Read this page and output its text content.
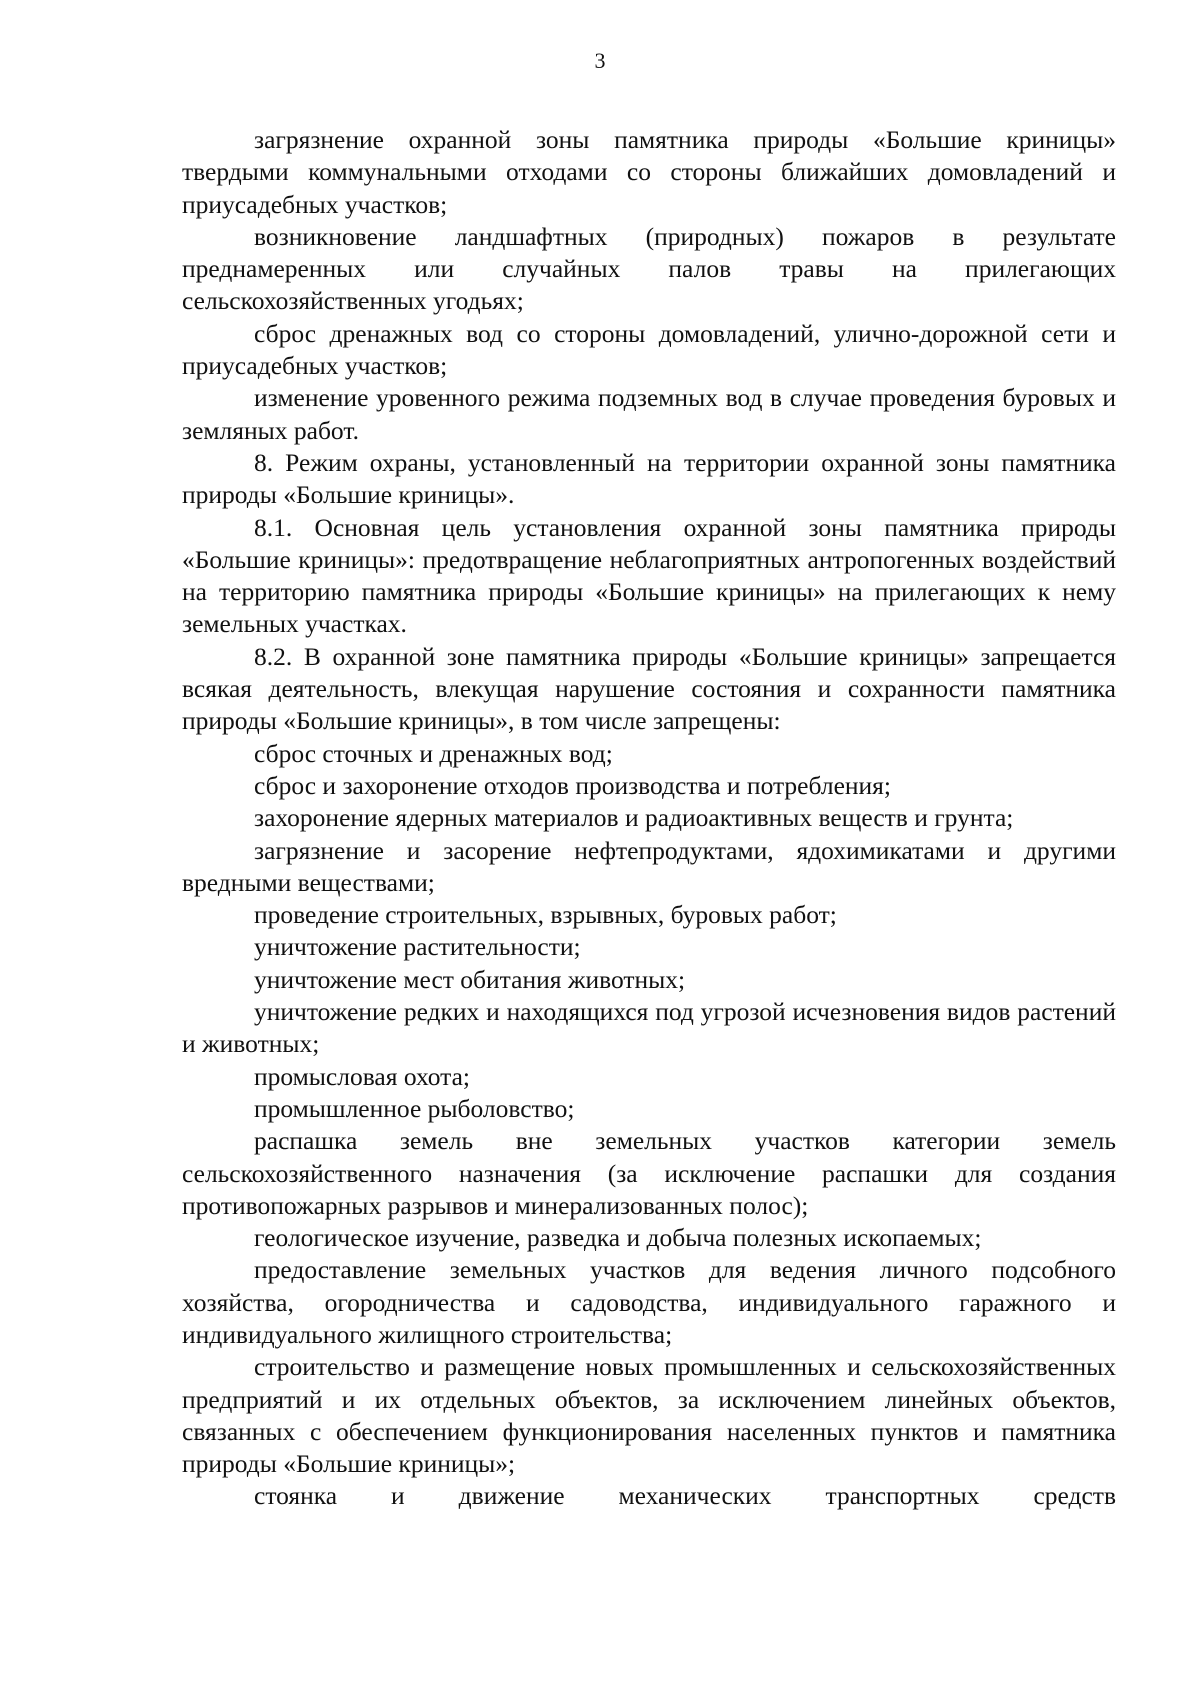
3

загрязнение охранной зоны памятника природы «Большие криницы» твердыми коммунальными отходами со стороны ближайших домовладений и приусадебных участков;

возникновение ландшафтных (природных) пожаров в результате преднамеренных или случайных палов травы на прилегающих сельскохозяйственных угодьях;

сброс дренажных вод со стороны домовладений, улично-дорожной сети и приусадебных участков;

изменение уровенного режима подземных вод в случае проведения буровых и земляных работ.

8. Режим охраны, установленный на территории охранной зоны памятника природы «Большие криницы».

8.1. Основная цель установления охранной зоны памятника природы «Большие криницы»: предотвращение неблагоприятных антропогенных воздействий на территорию памятника природы «Большие криницы» на прилегающих к нему земельных участках.

8.2. В охранной зоне памятника природы «Большие криницы» запрещается всякая деятельность, влекущая нарушение состояния и сохранности памятника природы «Большие криницы», в том числе запрещены:

сброс сточных и дренажных вод;

сброс и захоронение отходов производства и потребления;

захоронение ядерных материалов и радиоактивных веществ и грунта;

загрязнение и засорение нефтепродуктами, ядохимикатами и другими вредными веществами;

проведение строительных, взрывных, буровых работ;

уничтожение растительности;

уничтожение мест обитания животных;

уничтожение редких и находящихся под угрозой исчезновения видов растений и животных;

промысловая охота;

промышленное рыболовство;

распашка земель вне земельных участков категории земель сельскохозяйственного назначения (за исключение распашки для создания противопожарных разрывов и минерализованных полос);

геологическое изучение, разведка и добыча полезных ископаемых;

предоставление земельных участков для ведения личного подсобного хозяйства, огородничества и садоводства, индивидуального гаражного и индивидуального жилищного строительства;

строительство и размещение новых промышленных и сельскохозяйственных предприятий и их отдельных объектов, за исключением линейных объектов, связанных с обеспечением функционирования населенных пунктов и памятника природы «Большие криницы»;

стоянка и движение механических транспортных средств
